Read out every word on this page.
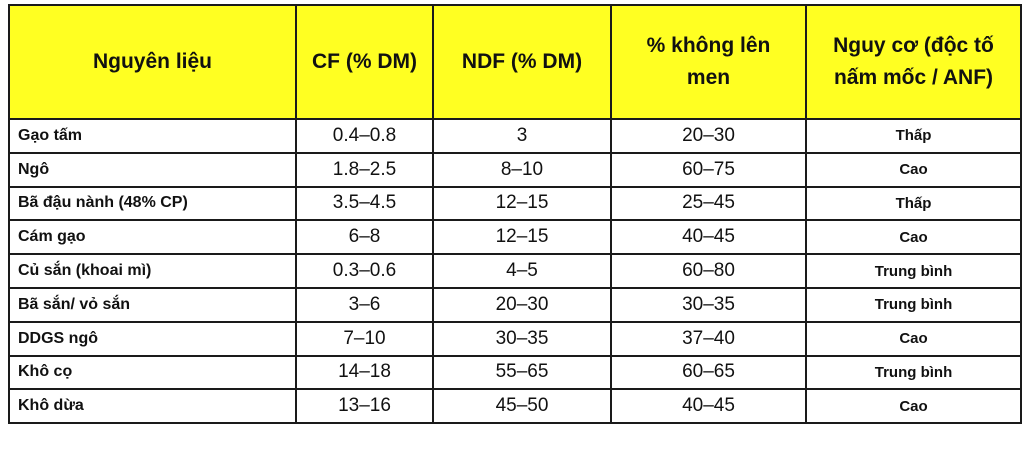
Nguyên liệu	CF (% DM)	NDF (% DM)	% không lên men	Nguy cơ (độc tố nấm mốc / ANF)
Gạo tấm	0.4–0.8	3	20–30	Thấp
Ngô	1.8–2.5	8–10	60–75	Cao
Bã đậu nành (48% CP)	3.5–4.5	12–15	25–45	Thấp
Cám gạo	6–8	12–15	40–45	Cao
Củ sắn (khoai mì)	0.3–0.6	4–5	60–80	Trung bình
Bã sắn/ vỏ sắn	3–6	20–30	30–35	Trung bình
DDGS ngô	7–10	30–35	37–40	Cao
Khô cọ	14–18	55–65	60–65	Trung bình
Khô dừa	13–16	45–50	40–45	Cao
